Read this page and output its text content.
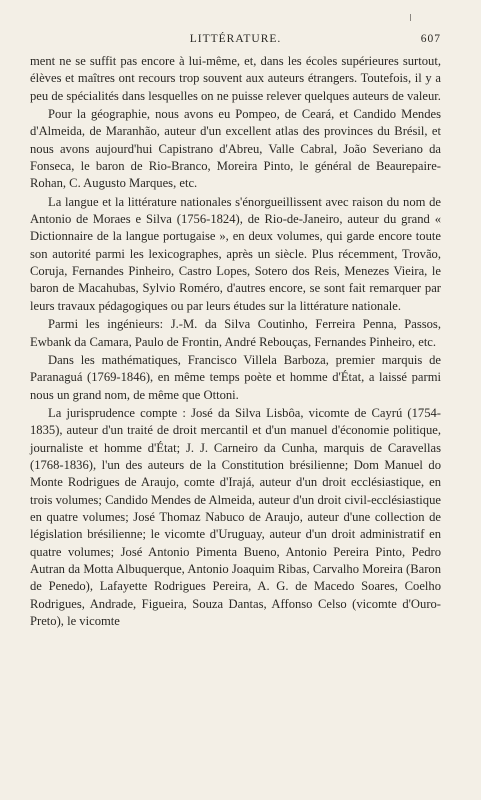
LITTÉRATURE.	607

ment ne se suffit pas encore à lui-même, et, dans les écoles supérieures surtout, élèves et maîtres ont recours trop souvent aux auteurs étrangers. Toutefois, il y a peu de spécialités dans lesquelles on ne puisse relever quelques auteurs de valeur.

Pour la géographie, nous avons eu Pompeo, de Ceará, et Candido Mendes d'Almeida, de Maranhão, auteur d'un excellent atlas des provinces du Brésil, et nous avons aujourd'hui Capistrano d'Abreu, Valle Cabral, João Severiano da Fonseca, le baron de Rio-Branco, Moreira Pinto, le général de Beaurepaire-Rohan, C. Augusto Marques, etc.

La langue et la littérature nationales s'énorgueillissent avec raison du nom de Antonio de Moraes e Silva (1756-1824), de Rio-de-Janeiro, auteur du grand « Dictionnaire de la langue portugaise », en deux volumes, qui garde encore toute son autorité parmi les lexicographes, après un siècle. Plus récemment, Trovão, Coruja, Fernandes Pinheiro, Castro Lopes, Sotero dos Reis, Menezes Vieira, le baron de Macahubas, Sylvio Roméro, d'autres encore, se sont fait remarquer par leurs travaux pédagogiques ou par leurs études sur la littérature nationale.

Parmi les ingénieurs: J.-M. da Silva Coutinho, Ferreira Penna, Passos, Ewbank da Camara, Paulo de Frontin, André Rebouças, Fernandes Pinheiro, etc.

Dans les mathématiques, Francisco Villela Barboza, premier marquis de Paranaguá (1769-1846), en même temps poète et homme d'État, a laissé parmi nous un grand nom, de même que Ottoni.

La jurisprudence compte : José da Silva Lisbôa, vicomte de Cayrú (1754-1835), auteur d'un traité de droit mercantil et d'un manuel d'économie politique, journaliste et homme d'État; J. J. Carneiro da Cunha, marquis de Caravellas (1768-1836), l'un des auteurs de la Constitution brésilienne; Dom Manuel do Monte Rodrigues de Araujo, comte d'Irajá, auteur d'un droit ecclésiastique, en trois volumes; Candido Mendes de Almeida, auteur d'un droit civil-ecclésiastique en quatre volumes; José Thomaz Nabuco de Araujo, auteur d'une collection de législation brésilienne; le vicomte d'Uruguay, auteur d'un droit administratif en quatre volumes; José Antonio Pimenta Bueno, Antonio Pereira Pinto, Pedro Autran da Motta Albuquerque, Antonio Joaquim Ribas, Carvalho Moreira (Baron de Penedo), Lafayette Rodrigues Pereira, A. G. de Macedo Soares, Coelho Rodrigues, Andrade, Figueira, Souza Dantas, Affonso Celso (vicomte d'Ouro-Preto), le vicomte
